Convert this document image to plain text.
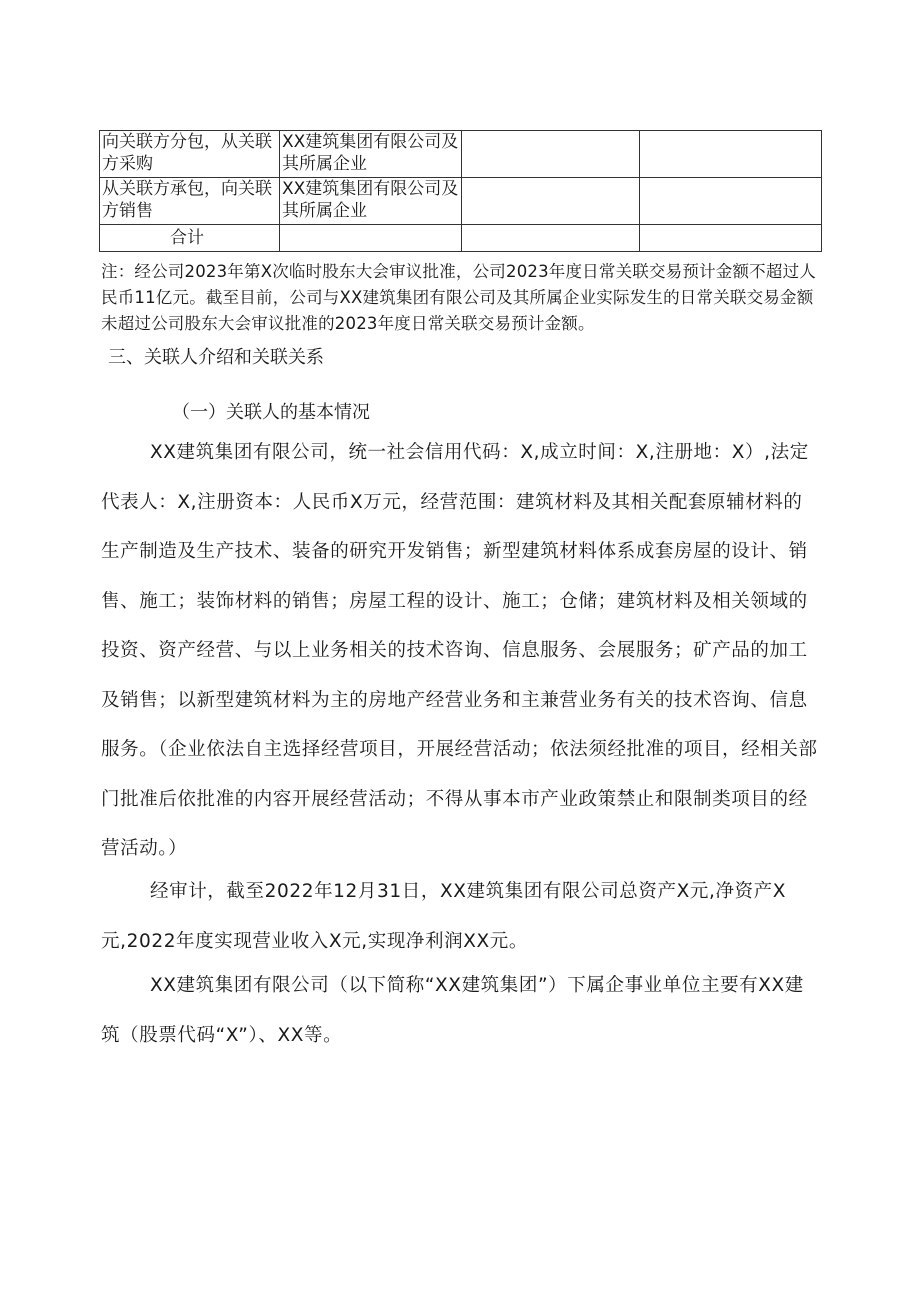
向关联方分包，从关联方采购	XX建筑集团有限公司及其所属企业		
从关联方承包，向关联方销售	XX建筑集团有限公司及其所属企业		
合计			

注：经公司2023年第X次临时股东大会审议批准，公司2023年度日常关联交易预计金额不超过人民币11亿元。截至目前，公司与XX建筑集团有限公司及其所属企业实际发生的日常关联交易金额未超过公司股东大会审议批准的2023年度日常关联交易预计金额。

三、关联人介绍和关联关系
（一）关联人的基本情况

XX建筑集团有限公司，统一社会信用代码：X,成立时间：X,注册地：X）,法定代表人：X,注册资本：人民币X万元，经营范围：建筑材料及其相关配套原辅材料的生产制造及生产技术、装备的研究开发销售；新型建筑材料体系成套房屋的设计、销售、施工；装饰材料的销售；房屋工程的设计、施工；仓储；建筑材料及相关领域的投资、资产经营、与以上业务相关的技术咨询、信息服务、会展服务；矿产品的加工及销售；以新型建筑材料为主的房地产经营业务和主兼营业务有关的技术咨询、信息服务。（企业依法自主选择经营项目，开展经营活动；依法须经批准的项目，经相关部门批准后依批准的内容开展经营活动；不得从事本市产业政策禁止和限制类项目的经营活动。）

经审计，截至2022年12月31日，XX建筑集团有限公司总资产X元,净资产X元,2022年度实现营业收入X元,实现净利润XX元。

XX建筑集团有限公司（以下简称“XX建筑集团”）下属企事业单位主要有XX建筑（股票代码“X”）、XX等。
